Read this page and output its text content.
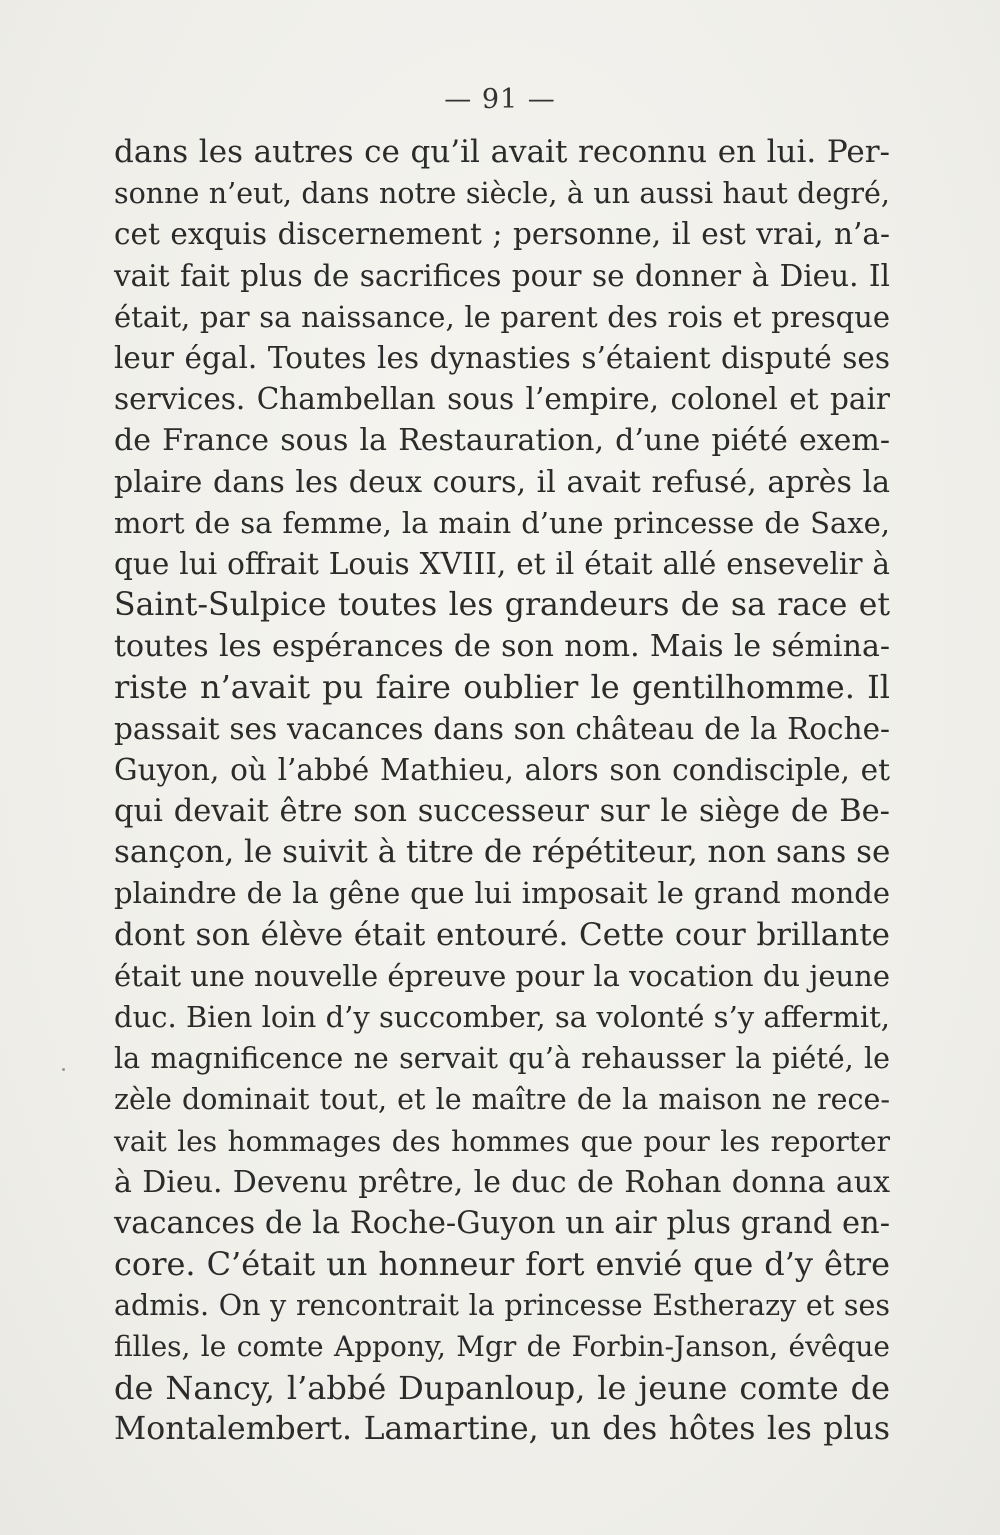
— 91 —
dans les autres ce qu’il avait reconnu en lui. Per-
sonne n’eut, dans notre siècle, à un aussi haut degré,
cet exquis discernement ; personne, il est vrai, n’a-
vait fait plus de sacrifices pour se donner à Dieu. Il
était, par sa naissance, le parent des rois et presque
leur égal. Toutes les dynasties s’étaient disputé ses
services. Chambellan sous l’empire, colonel et pair
de France sous la Restauration, d’une piété exem-
plaire dans les deux cours, il avait refusé, après la
mort de sa femme, la main d’une princesse de Saxe,
que lui offrait Louis XVIII, et il était allé ensevelir à
Saint-Sulpice toutes les grandeurs de sa race et
toutes les espérances de son nom. Mais le sémina-
riste n’avait pu faire oublier le gentilhomme. Il
passait ses vacances dans son château de la Roche-
Guyon, où l’abbé Mathieu, alors son condisciple, et
qui devait être son successeur sur le siège de Be-
sançon, le suivit à titre de répétiteur, non sans se
plaindre de la gêne que lui imposait le grand monde
dont son élève était entouré. Cette cour brillante
était une nouvelle épreuve pour la vocation du jeune
duc. Bien loin d’y succomber, sa volonté s’y affermit,
la magnificence ne servait qu’à rehausser la piété, le
zèle dominait tout, et le maître de la maison ne rece-
vait les hommages des hommes que pour les reporter
à Dieu. Devenu prêtre, le duc de Rohan donna aux
vacances de la Roche-Guyon un air plus grand en-
core. C’était un honneur fort envié que d’y être
admis. On y rencontrait la princesse Estherazy et ses
filles, le comte Appony, Mgr de Forbin-Janson, évêque
de Nancy, l’abbé Dupanloup, le jeune comte de
Montalembert. Lamartine, un des hôtes les plus
